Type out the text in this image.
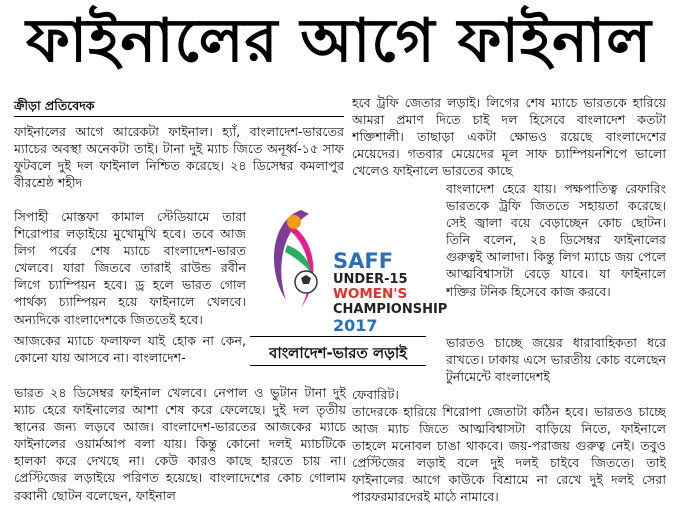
ফাইনালের আগে ফাইনাল
ক্রীড়া প্রতিবেদক
ফাইনালের আগে আরেকটা ফাইনাল। হ্যাঁ, বাংলাদেশ-ভারতের ম্যাচের অবস্থা অনেকটা তাই। টানা দুই ম্যাচ জিতে অনূর্ধ্ব-১৫ সাফ ফুটবলে দুই দল ফাইনাল নিশ্চিত করেছে। ২৪ ডিসেম্বর কমলাপুর বীরশ্রেষ্ঠ শহীদ
সিপাহী মোস্তফা কামাল স্টেডিয়ামে তারা শিরোপার লড়াইয়ে মুখোমুখি হবে। তবে আজ লিগ পর্বের শেষ ম্যাচে বাংলাদেশ-ভারত খেলবে। যারা জিতবে তারাই রাউন্ড রবীন লিগে চ্যাম্পিয়ন হবে। ড্র হলে ভারত গোল পার্থক্য চ্যাম্পিয়ন হয়ে ফাইনালে খেলবে। অন্যদিকে বাংলাদেশকে জিততেই হবে।
আজকের ম্যাচে ফলাফল যাই হোক না কেন, কোনো যায় আসবে না। বাংলাদেশ-
ভারত ২৪ ডিসেম্বর ফাইনাল খেলবে। নেপাল ও ভুটান টানা দুই ম্যাচ হেরে ফাইনালের আশা শেষ করে ফেলেছে। দুই দল তৃতীয় স্থানের জন্য লড়বে আজ। বাংলাদেশ-ভারতের আজকের ম্যাচে ফাইনালের ওয়ার্মআপ বলা যায়। কিন্তু কোনো দলই ম্যাচটিকে হালকা করে দেখছে না। কেউ কারও কাছে হারতে চায় না। প্রেস্টিজের লড়াইয়ে পরিণত হয়েছে। বাংলাদেশের কোচ গোলাম রব্বানী ছোটন বলেছেন, ফাইনাল
হবে ট্রফি জেতার লড়াই। লিগের শেষ ম্যাচে ভারতকে হারিয়ে আমরা প্রমাণ দিতে চাই দল হিসেবে বাংলাদেশ কতটা শক্তিশালী। তাছাড়া একটা ক্ষোভও রয়েছে বাংলাদেশের মেয়েদের। গতবার মেয়েদের মূল সাফ চ্যাম্পিয়নশিপে ভালো খেলেও ফাইনালে ভারতের কাছে
বাংলাদেশ হেরে যায়। পক্ষপাতিত্ব রেফারিং ভারতকে ট্রফি জিততে সহায়তা করেছে। সেই জ্বালা বয়ে বেড়াচ্ছেন কোচ ছোটন। তিনি বলেন, ২৪ ডিসেম্বর ফাইনালের গুরুত্বই আলাদা। কিন্তু লিগ ম্যাচে জয় পেলে আত্মবিশ্বাসটা বেড়ে যাবে। যা ফাইনালে শক্তির টনিক হিসেবে কাজ করবে।
ভারতও চাচ্ছে জয়ের ধারাবাহিকতা ধরে রাখতে। ঢাকায় এসে ভারতীয় কোচ বলেছেন টুর্নামেন্টে বাংলাদেশই
ফেবারিট।
তাদেরকে হারিয়ে শিরোপা জেতাটা কঠিন হবে। ভারতও চাচ্ছে আজ ম্যাচ জিতে আত্মবিশ্বাসটা বাড়িয়ে নিতে, ফাইনালে তাহলে মনোবল চাঙা থাকবে। জয়-পরাজয় গুরুত্ব নেই। তবুও প্রেস্টিজের লড়াই বলে দুই দলই চাইবে জিততে। তাই ফাইনালের আগে কাউকে বিশ্রামে না রেখে দুই দলই সেরা পারফরমারদেরই মাঠে নামাবে।
SAFF
UNDER-15
WOMEN'S
CHAMPIONSHIP
2017
বাংলাদেশ-ভারত লড়াই
